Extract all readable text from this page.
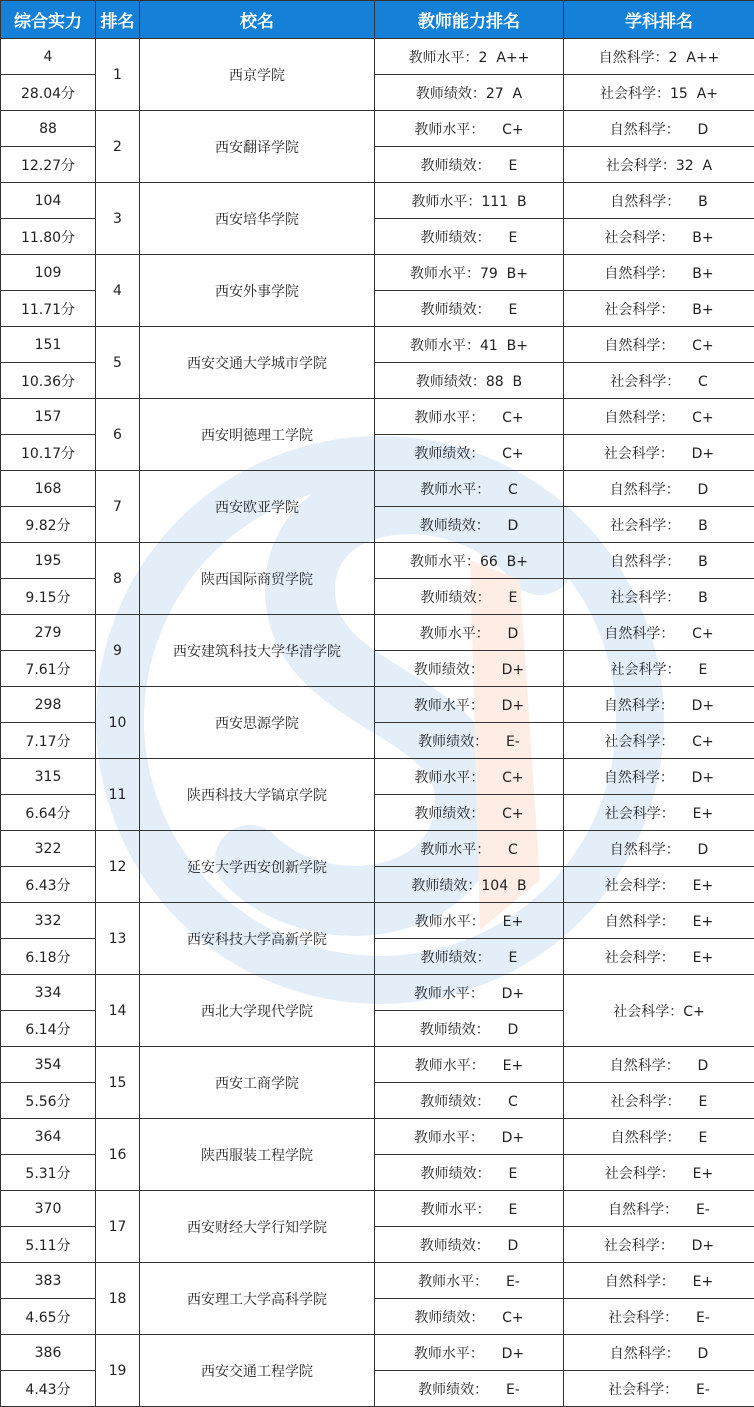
综合实力	排名	校名	教师能力排名	学科排名
4	1	西京学院	教师水平：2  A++	自然科学：2  A++
28.04分			教师绩效：27  A	社会科学：15  A+
88	2	西安翻译学院	教师水平：    C+	自然科学：    D
12.27分			教师绩效：    E	社会科学：32  A
104	3	西安培华学院	教师水平：111  B	自然科学：    B
11.80分			教师绩效：    E	社会科学：    B+
109	4	西安外事学院	教师水平：79  B+	自然科学：    B+
11.71分			教师绩效：    E	社会科学：    B+
151	5	西安交通大学城市学院	教师水平：41  B+	自然科学：    C+
10.36分			教师绩效：88  B	社会科学：    C
157	6	西安明德理工学院	教师水平：    C+	自然科学：    C+
10.17分			教师绩效：    C+	社会科学：    D+
168	7	西安欧亚学院	教师水平：    C	自然科学：    D
9.82分			教师绩效：    D	社会科学：    B
195	8	陕西国际商贸学院	教师水平：66  B+	自然科学：    B
9.15分			教师绩效：    E	社会科学：    B
279	9	西安建筑科技大学华清学院	教师水平：    D	自然科学：    C+
7.61分			教师绩效：    D+	社会科学：    E
298	10	西安思源学院	教师水平：    D+	自然科学：    D+
7.17分			教师绩效：    E-	社会科学：    C+
315	11	陕西科技大学镐京学院	教师水平：    C+	自然科学：    D+
6.64分			教师绩效：    C+	社会科学：    E+
322	12	延安大学西安创新学院	教师水平：    C	自然科学：    D
6.43分			教师绩效：104  B	社会科学：    E+
332	13	西安科技大学高新学院	教师水平：    E+	自然科学：    E+
6.18分			教师绩效：    E	社会科学：    E+
334	14	西北大学现代学院	教师水平：    D+	社会科学：C+
6.14分			教师绩效：    D	
354	15	西安工商学院	教师水平：    E+	自然科学：    D
5.56分			教师绩效：    C	社会科学：    E
364	16	陕西服装工程学院	教师水平：    D+	自然科学：    E
5.31分			教师绩效：    E	社会科学：    E+
370	17	西安财经大学行知学院	教师水平：    E	自然科学：    E-
5.11分			教师绩效：    D	社会科学：    D+
383	18	西安理工大学高科学院	教师水平：    E-	自然科学：    E+
4.65分			教师绩效：    C+	社会科学：    E-
386	19	西安交通工程学院	教师水平：    D+	自然科学：    D
4.43分			教师绩效：    E-	社会科学：    E-
